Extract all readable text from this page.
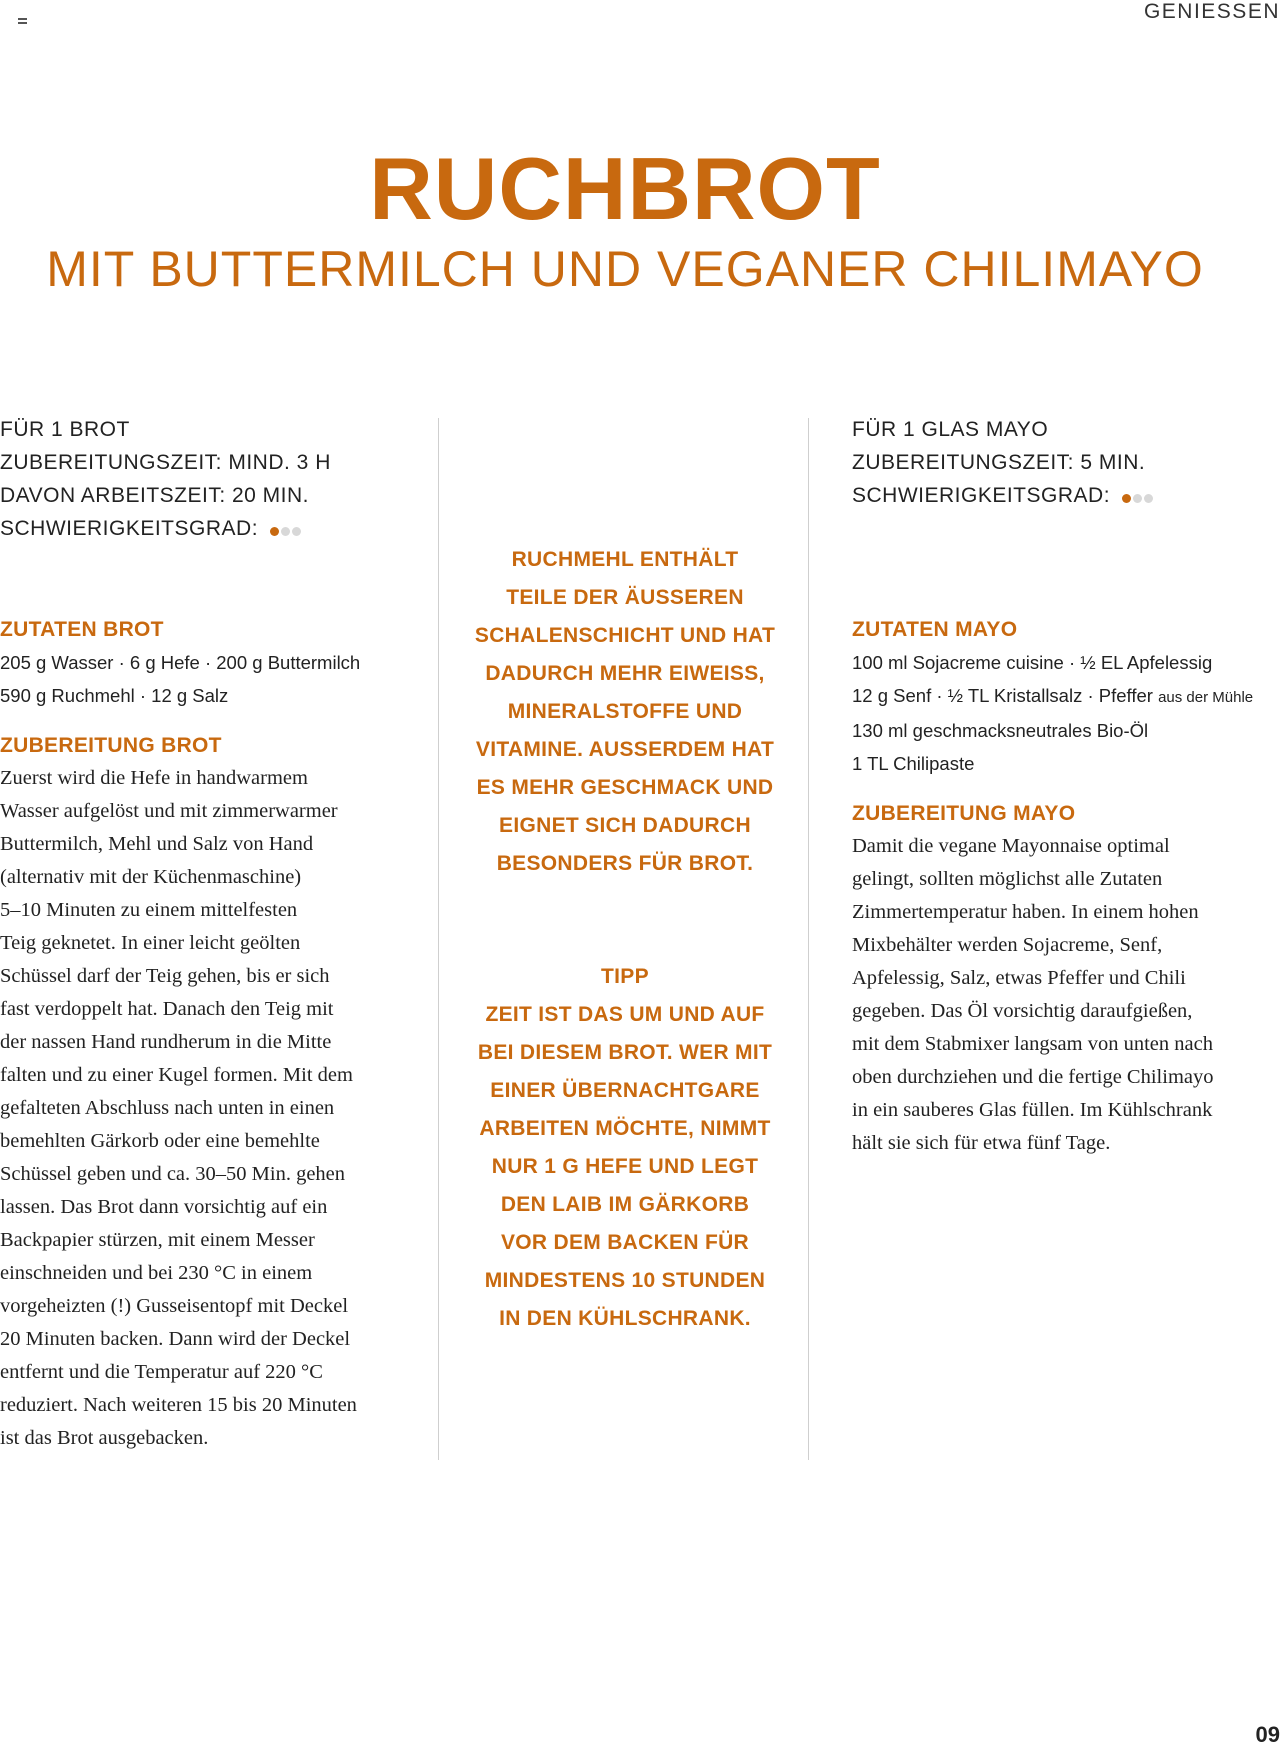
GENIESSEN
RUCHBROT
MIT BUTTERMILCH UND VEGANER CHILIMAYO
FÜR 1 BROT
ZUBEREITUNGSZEIT: MIND. 3 H
DAVON ARBEITSZEIT: 20 MIN.
SCHWIERIGKEITSGRAD:
ZUTATEN BROT
205 g Wasser · 6 g Hefe · 200 g Buttermilch
590 g Ruchmehl · 12 g Salz
ZUBEREITUNG BROT
Zuerst wird die Hefe in handwarmem
Wasser aufgelöst und mit zimmerwarmer
Buttermilch, Mehl und Salz von Hand
(alternativ mit der Küchenmaschine)
5–10 Minuten zu einem mittelfesten
Teig geknetet. In einer leicht geölten
Schüssel darf der Teig gehen, bis er sich
fast verdoppelt hat. Danach den Teig mit
der nassen Hand rundherum in die Mitte
falten und zu einer Kugel formen. Mit dem
gefalteten Abschluss nach unten in einen
bemehlten Gärkorb oder eine bemehlte
Schüssel geben und ca. 30–50 Min. gehen
lassen. Das Brot dann vorsichtig auf ein
Backpapier stürzen, mit einem Messer
einschneiden und bei 230 °C in einem
vorgeheizten (!) Gusseisentopf mit Deckel
20 Minuten backen. Dann wird der Deckel
entfernt und die Temperatur auf 220 °C
reduziert. Nach weiteren 15 bis 20 Minuten
ist das Brot ausgebacken.
RUCHMEHL ENTHÄLT
TEILE DER ÄUSSEREN
SCHALENSCHICHT UND HAT
DADURCH MEHR EIWEISS,
MINERALSTOFFE UND
VITAMINE. AUSSERDEM HAT
ES MEHR GESCHMACK UND
EIGNET SICH DADURCH
BESONDERS FÜR BROT.
TIPP
ZEIT IST DAS UM UND AUF
BEI DIESEM BROT. WER MIT
EINER ÜBERNACHTGARE
ARBEITEN MÖCHTE, NIMMT
NUR 1 G HEFE UND LEGT
DEN LAIB IM GÄRKORB
VOR DEM BACKEN FÜR
MINDESTENS 10 STUNDEN
IN DEN KÜHLSCHRANK.
FÜR 1 GLAS MAYO
ZUBEREITUNGSZEIT: 5 MIN.
SCHWIERIGKEITSGRAD:
ZUTATEN MAYO
100 ml Sojacreme cuisine · ½ EL Apfelessig
12 g Senf · ½ TL Kristallsalz · Pfeffer aus der Mühle
130 ml geschmacksneutrales Bio-Öl
1 TL Chilipaste
ZUBEREITUNG MAYO
Damit die vegane Mayonnaise optimal
gelingt, sollten möglichst alle Zutaten
Zimmertemperatur haben. In einem hohen
Mixbehälter werden Sojacreme, Senf,
Apfelessig, Salz, etwas Pfeffer und Chili
gegeben. Das Öl vorsichtig daraufgießen,
mit dem Stabmixer langsam von unten nach
oben durchziehen und die fertige Chilimayo
in ein sauberes Glas füllen. Im Kühlschrank
hält sie sich für etwa fünf Tage.
09
